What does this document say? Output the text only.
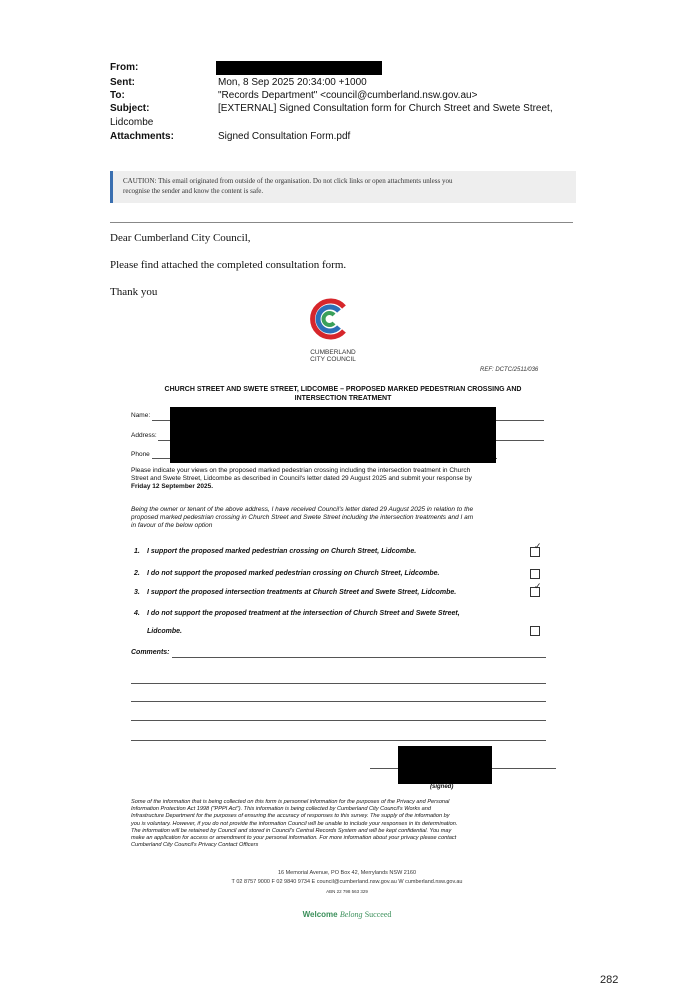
From:
Sent:	Mon, 8 Sep 2025 20:34:00 +1000
To:	"Records Department" <council@cumberland.nsw.gov.au>
Subject:	[EXTERNAL] Signed Consultation form for Church Street and Swete Street,
Lidcombe
Attachments:	Signed Consultation Form.pdf
CAUTION: This email originated from outside of the organisation. Do not click links or open attachments unless you
recognise the sender and know the content is safe.
Dear Cumberland City Council,
Please find attached the completed consultation form.
Thank you
CUMBERLAND
CITY COUNCIL
REF: DCTC/2511/036
CHURCH STREET AND SWETE STREET, LIDCOMBE – PROPOSED MARKED PEDESTRIAN CROSSING AND
INTERSECTION TREATMENT
Name:
Address:
Phone
Please indicate your views on the proposed marked pedestrian crossing including the intersection treatment in Church
Street and Swete Street, Lidcombe as described in Council's letter dated 29 August 2025 and submit your response by
Friday 12 September 2025.
Being the owner or tenant of the above address, I have received Council's letter dated 29 August 2025 in relation to the
proposed marked pedestrian crossing in Church Street and Swete Street including the intersection treatments and I am
in favour of the below option
1. I support the proposed marked pedestrian crossing on Church Street, Lidcombe.
✓
2. I do not support the proposed marked pedestrian crossing on Church Street, Lidcombe.
3. I support the proposed intersection treatments at Church Street and Swete Street, Lidcombe.
✓
4. I do not support the proposed treatment at the intersection of Church Street and Swete Street,
Lidcombe.
Comments:
(signed)
Some of the information that is being collected on this form is personnel information for the purposes of the Privacy and Personal
Information Protection Act 1998 ("PPPI Act"). This information is being collected by Cumberland City Council's Works and
Infrastructure Department for the purposes of ensuring the accuracy of responses to this survey. The supply of the information by
you is voluntary. However, if you do not provide the information Council will be unable to include your responses in its determination.
The information will be retained by Council and stored in Council's Central Records System and will be kept confidential. You may
make an application for access or amendment to your personal information. For more information about your privacy please contact
Cumberland City Council's Privacy Contact Officers
16 Memorial Avenue, PO Box 42, Merrylands NSW 2160
T 02 8757 9000 F 02 9840 9734 E council@cumberland.nsw.gov.au W cumberland.nsw.gov.au
ABN 22 798 563 329
Welcome Belong Succeed
282
